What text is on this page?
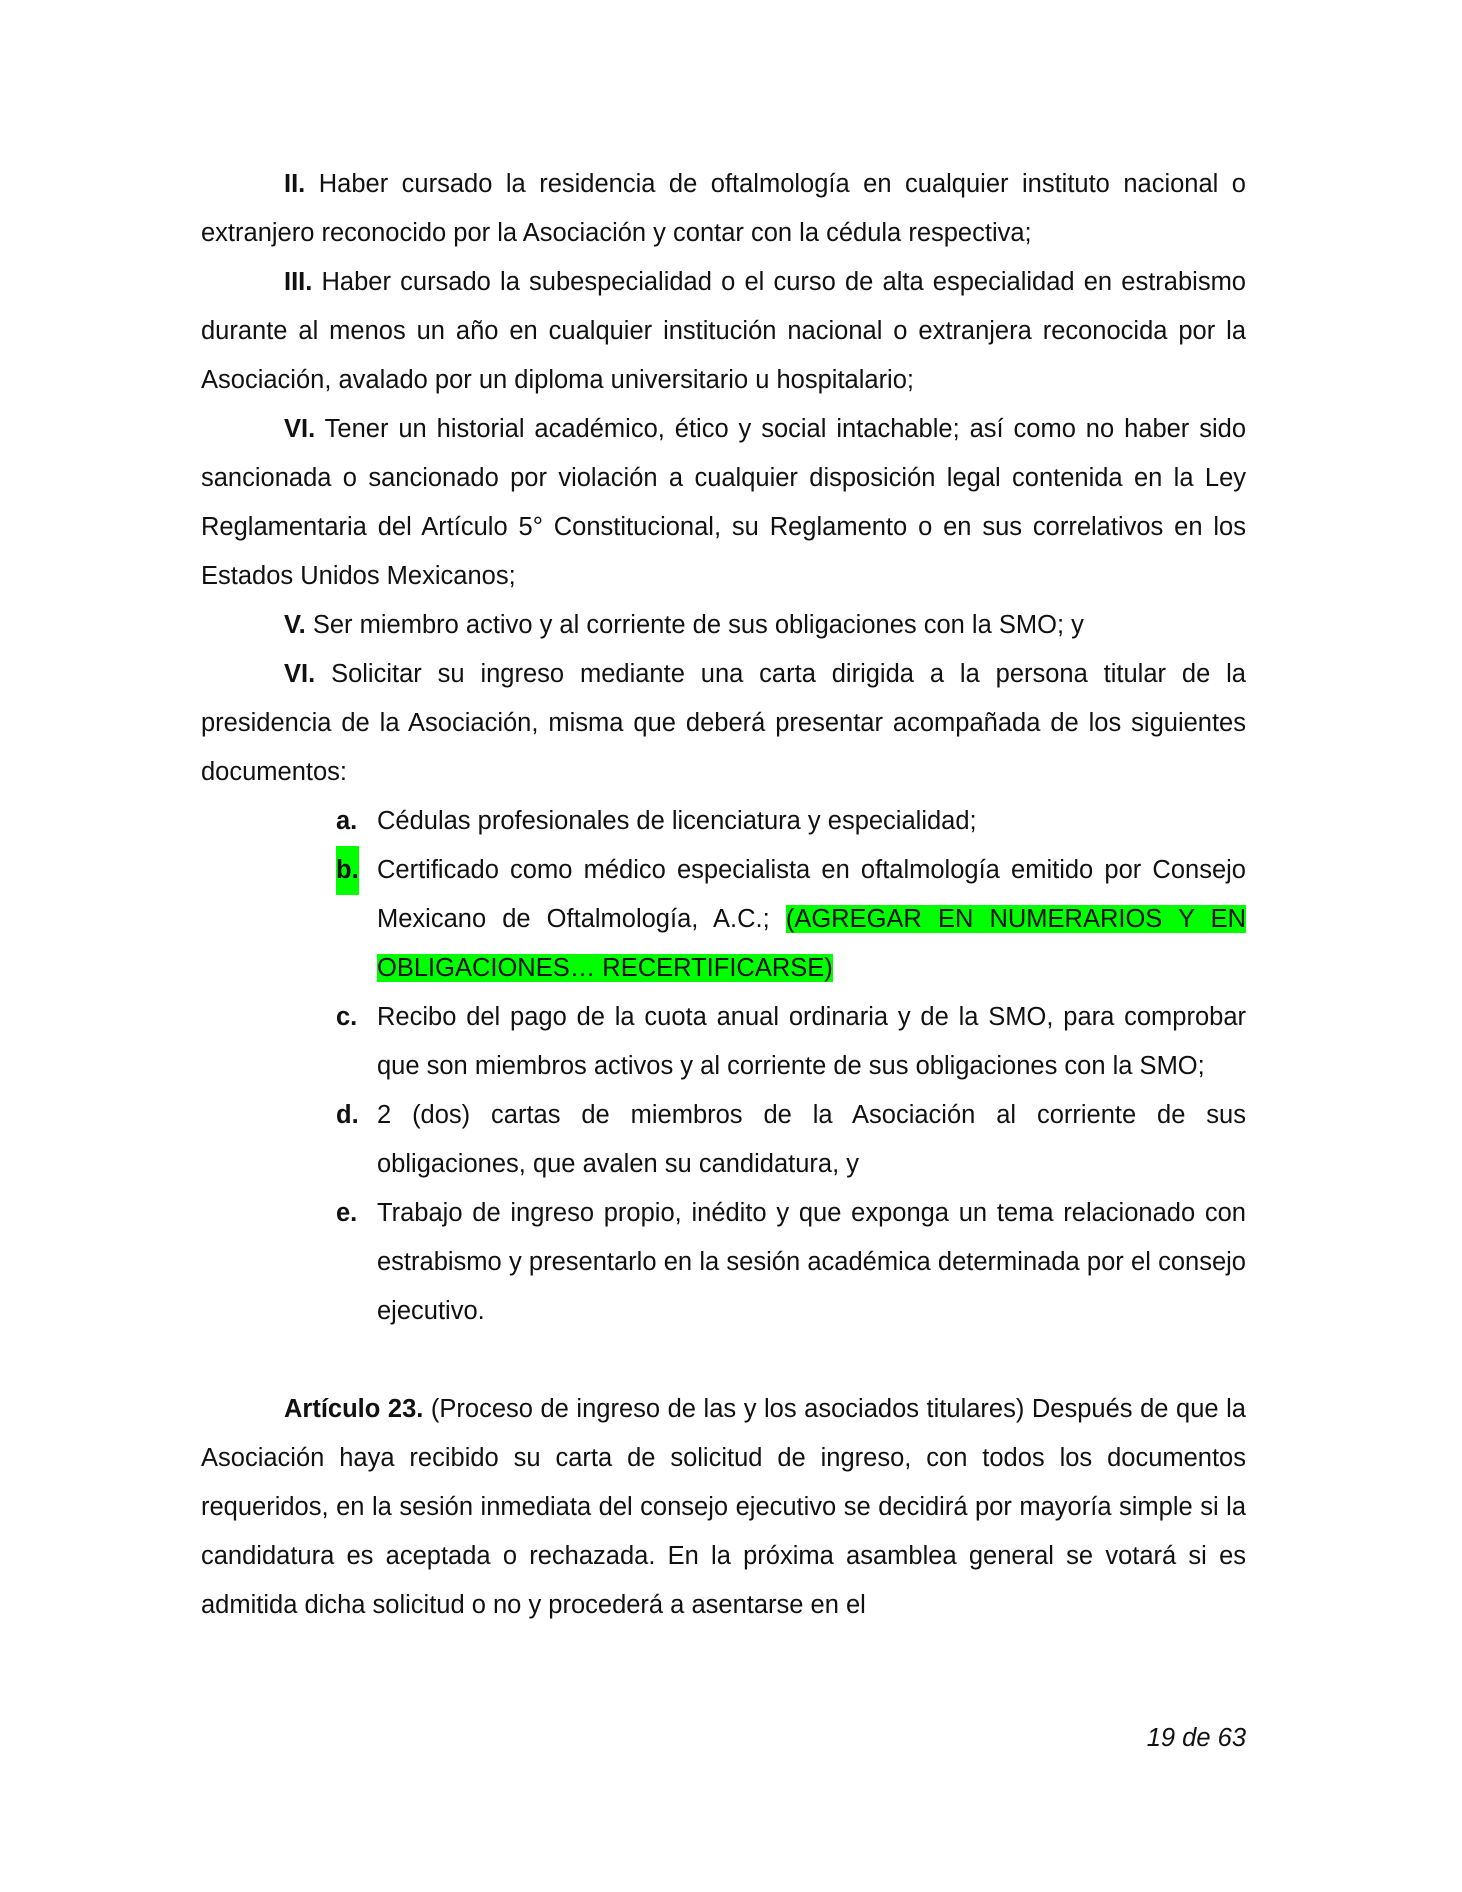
II. Haber cursado la residencia de oftalmología en cualquier instituto nacional o extranjero reconocido por la Asociación y contar con la cédula respectiva;

III. Haber cursado la subespecialidad o el curso de alta especialidad en estrabismo durante al menos un año en cualquier institución nacional o extranjera reconocida por la Asociación, avalado por un diploma universitario u hospitalario;

VI. Tener un historial académico, ético y social intachable; así como no haber sido sancionada o sancionado por violación a cualquier disposición legal contenida en la Ley Reglamentaria del Artículo 5° Constitucional, su Reglamento o en sus correlativos en los Estados Unidos Mexicanos;

V. Ser miembro activo y al corriente de sus obligaciones con la SMO; y

VI. Solicitar su ingreso mediante una carta dirigida a la persona titular de la presidencia de la Asociación, misma que deberá presentar acompañada de los siguientes documentos:

a. Cédulas profesionales de licenciatura y especialidad;
b. Certificado como médico especialista en oftalmología emitido por Consejo Mexicano de Oftalmología, A.C.; (AGREGAR EN NUMERARIOS Y EN OBLIGACIONES… RECERTIFICARSE)
c. Recibo del pago de la cuota anual ordinaria y de la SMO, para comprobar que son miembros activos y al corriente de sus obligaciones con la SMO;
d. 2 (dos) cartas de miembros de la Asociación al corriente de sus obligaciones, que avalen su candidatura, y
e. Trabajo de ingreso propio, inédito y que exponga un tema relacionado con estrabismo y presentarlo en la sesión académica determinada por el consejo ejecutivo.

Artículo 23. (Proceso de ingreso de las y los asociados titulares) Después de que la Asociación haya recibido su carta de solicitud de ingreso, con todos los documentos requeridos, en la sesión inmediata del consejo ejecutivo se decidirá por mayoría simple si la candidatura es aceptada o rechazada. En la próxima asamblea general se votará si es admitida dicha solicitud o no y procederá a asentarse en el

19 de 63
